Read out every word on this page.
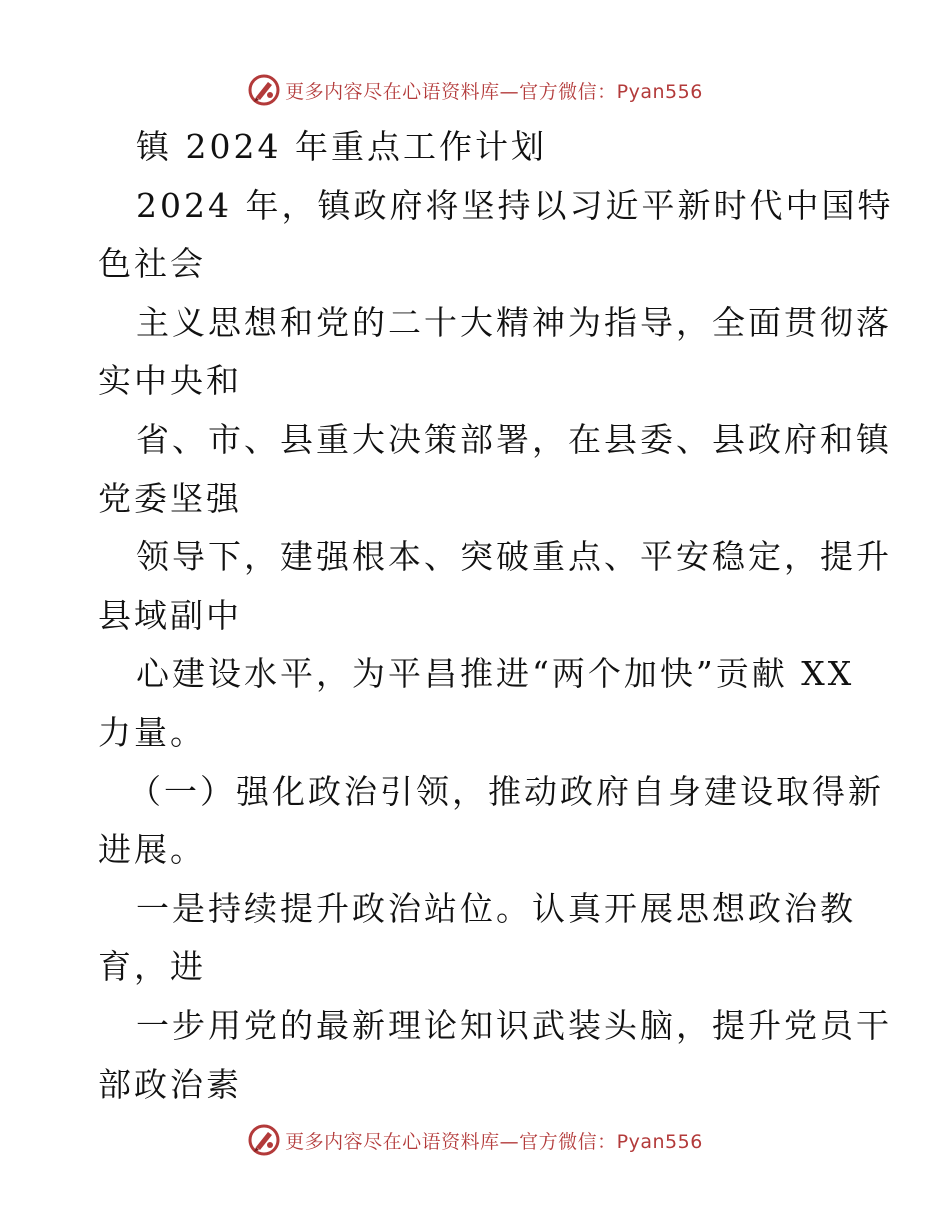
更多内容尽在心语资料库—官方微信：Pyan556
镇 2024 年重点工作计划
2024 年，镇政府将坚持以习近平新时代中国特
色社会
主义思想和党的二十大精神为指导，全面贯彻落
实中央和
省、市、县重大决策部署，在县委、县政府和镇
党委坚强
领导下，建强根本、突破重点、平安稳定，提升
县域副中
心建设水平，为平昌推进“两个加快”贡献 XX
力量。
（一）强化政治引领，推动政府自身建设取得新
进展。
一是持续提升政治站位。认真开展思想政治教
育，进
一步用党的最新理论知识武装头脑，提升党员干
部政治素
更多内容尽在心语资料库—官方微信：Pyan556
